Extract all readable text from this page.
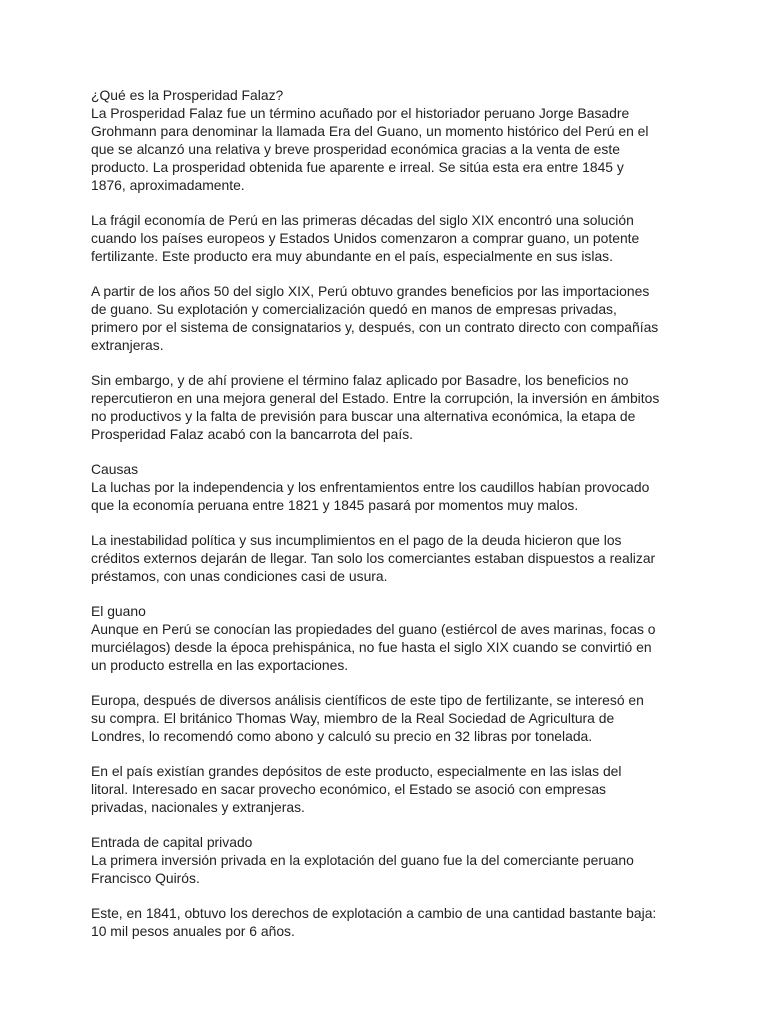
¿Qué es la Prosperidad Falaz?
La Prosperidad Falaz fue un término acuñado por el historiador peruano Jorge Basadre
Grohmann para denominar la llamada Era del Guano, un momento histórico del Perú en el
que se alcanzó una relativa y breve prosperidad económica gracias a la venta de este
producto. La prosperidad obtenida fue aparente e irreal. Se sitúa esta era entre 1845 y
1876, aproximadamente.
La frágil economía de Perú en las primeras décadas del siglo XIX encontró una solución
cuando los países europeos y Estados Unidos comenzaron a comprar guano, un potente
fertilizante. Este producto era muy abundante en el país, especialmente en sus islas.
A partir de los años 50 del siglo XIX, Perú obtuvo grandes beneficios por las importaciones
de guano. Su explotación y comercialización quedó en manos de empresas privadas,
primero por el sistema de consignatarios y, después, con un contrato directo con compañías
extranjeras.
Sin embargo, y de ahí proviene el término falaz aplicado por Basadre, los beneficios no
repercutieron en una mejora general del Estado. Entre la corrupción, la inversión en ámbitos
no productivos y la falta de previsión para buscar una alternativa económica, la etapa de
Prosperidad Falaz acabó con la bancarrota del país.
Causas
La luchas por la independencia y los enfrentamientos entre los caudillos habían provocado
que la economía peruana entre 1821 y 1845 pasará por momentos muy malos.
La inestabilidad política y sus incumplimientos en el pago de la deuda hicieron que los
créditos externos dejarán de llegar. Tan solo los comerciantes estaban dispuestos a realizar
préstamos, con unas condiciones casi de usura.
El guano
Aunque en Perú se conocían las propiedades del guano (estiércol de aves marinas, focas o
murciélagos) desde la época prehispánica, no fue hasta el siglo XIX cuando se convirtió en
un producto estrella en las exportaciones.
Europa, después de diversos análisis científicos de este tipo de fertilizante, se interesó en
su compra. El británico Thomas Way, miembro de la Real Sociedad de Agricultura de
Londres, lo recomendó como abono y calculó su precio en 32 libras por tonelada.
En el país existían grandes depósitos de este producto, especialmente en las islas del
litoral. Interesado en sacar provecho económico, el Estado se asoció con empresas
privadas, nacionales y extranjeras.
Entrada de capital privado
La primera inversión privada en la explotación del guano fue la del comerciante peruano
Francisco Quirós.
Este, en 1841, obtuvo los derechos de explotación a cambio de una cantidad bastante baja:
10 mil pesos anuales por 6 años.
